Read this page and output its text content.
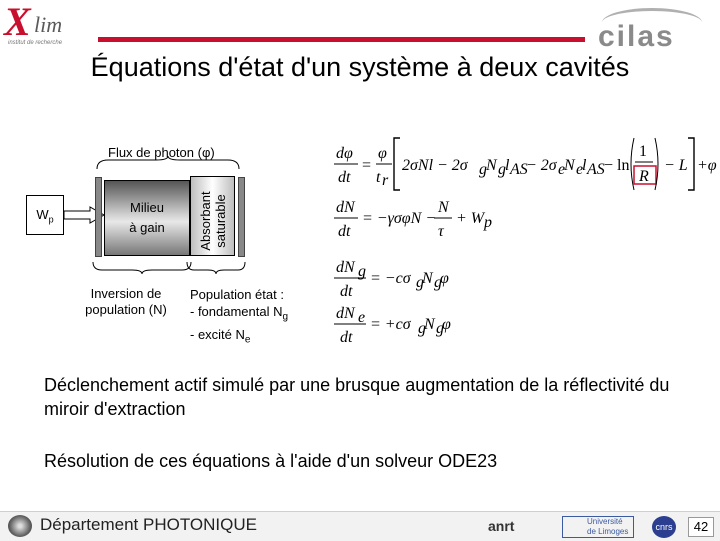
X lim
institut de recherche	cilas
Équations d'état d'un système à deux cavités
Flux de photon (φ)
$W_p$
Milieu
à gain	Absorbant saturable
Inversion de
population (N)
Population état :
- fondamental $N_g$
- excité $N_e$
dφ
dt
=
φ
t r
2σNl − 2σ g N g l AS
− 2σ e
N e
l AS − ln
1
R
− L +φ
dN
dt
= −γσφN −
N
τ
+ W p
dN g
dt
= −cσ g
N g
φ
dN e
dt
= +cσ g
N g
φ
Déclenchement actif simulé par une brusque augmentation de la réflectivité du miroir d'extraction
Résolution de ces équations à l'aide d'un solveur ODE23
Département PHOTONIQUE	anrt	Université de Limoges	cnrs	42
